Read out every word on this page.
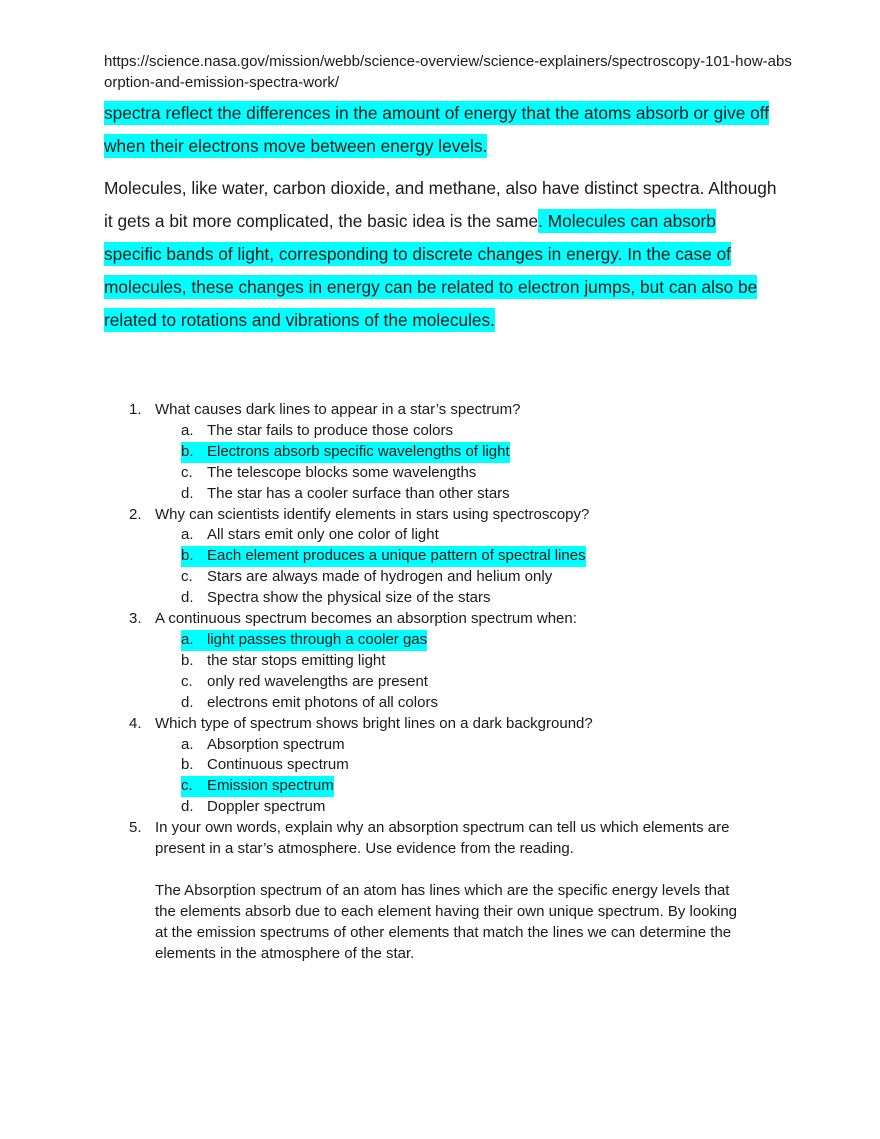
https://science.nasa.gov/mission/webb/science-overview/science-explainers/spectroscopy-101-how-absorption-and-emission-spectra-work/
spectra reflect the differences in the amount of energy that the atoms absorb or give off
when their electrons move between energy levels.
Molecules, like water, carbon dioxide, and methane, also have distinct spectra. Although
it gets a bit more complicated, the basic idea is the same. Molecules can absorb
specific bands of light, corresponding to discrete changes in energy. In the case of
molecules, these changes in energy can be related to electron jumps, but can also be
related to rotations and vibrations of the molecules.
1. What causes dark lines to appear in a star’s spectrum?
a. The star fails to produce those colors
b. Electrons absorb specific wavelengths of light
c. The telescope blocks some wavelengths
d. The star has a cooler surface than other stars
2. Why can scientists identify elements in stars using spectroscopy?
a. All stars emit only one color of light
b. Each element produces a unique pattern of spectral lines
c. Stars are always made of hydrogen and helium only
d. Spectra show the physical size of the stars
3. A continuous spectrum becomes an absorption spectrum when:
a. light passes through a cooler gas
b. the star stops emitting light
c. only red wavelengths are present
d. electrons emit photons of all colors
4. Which type of spectrum shows bright lines on a dark background?
a. Absorption spectrum
b. Continuous spectrum
c. Emission spectrum
d. Doppler spectrum
5. In your own words, explain why an absorption spectrum can tell us which elements are
present in a star’s atmosphere. Use evidence from the reading.
The Absorption spectrum of an atom has lines which are the specific energy levels that
the elements absorb due to each element having their own unique spectrum. By looking
at the emission spectrums of other elements that match the lines we can determine the
elements in the atmosphere of the star.
